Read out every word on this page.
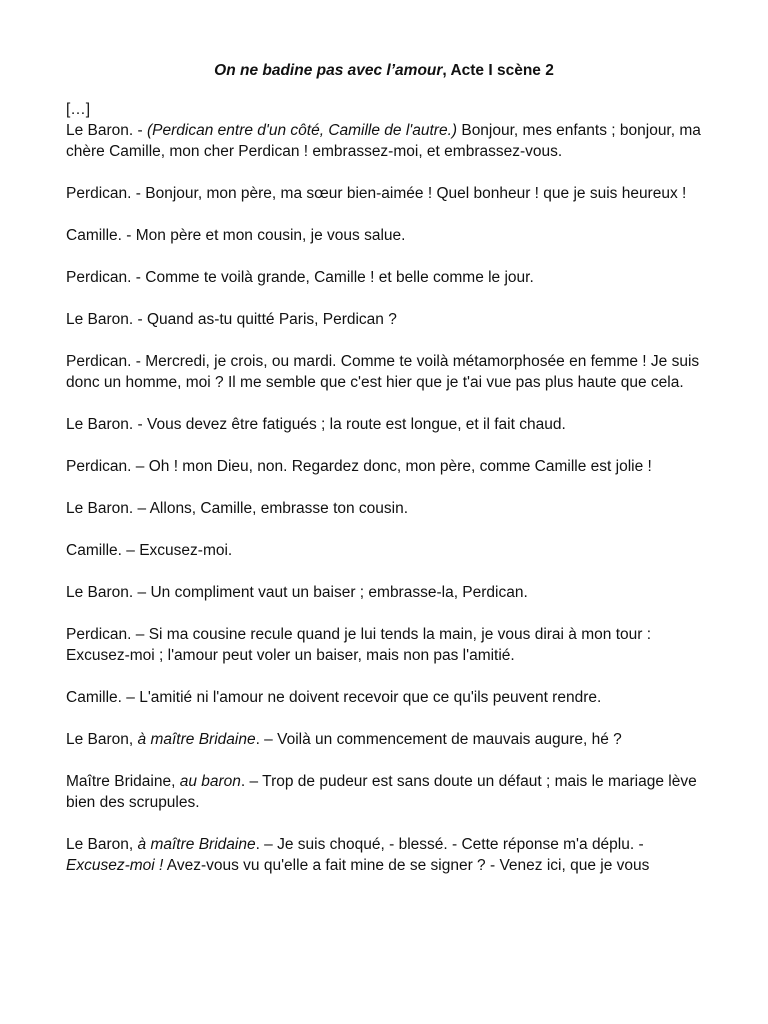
On ne badine pas avec l’amour, Acte I scène 2

[…]

Le Baron. - (Perdican entre d'un côté, Camille de l'autre.) Bonjour, mes enfants ; bonjour, ma chère Camille, mon cher Perdican ! embrassez-moi, et embrassez-vous.

Perdican. - Bonjour, mon père, ma sœur bien-aimée ! Quel bonheur ! que je suis heureux !

Camille. - Mon père et mon cousin, je vous salue.

Perdican. - Comme te voilà grande, Camille ! et belle comme le jour.

Le Baron. - Quand as-tu quitté Paris, Perdican ?

Perdican. - Mercredi, je crois, ou mardi. Comme te voilà métamorphosée en femme ! Je suis donc un homme, moi ? Il me semble que c'est hier que je t'ai vue pas plus haute que cela.

Le Baron. - Vous devez être fatigués ; la route est longue, et il fait chaud.

Perdican. – Oh ! mon Dieu, non. Regardez donc, mon père, comme Camille est jolie !

Le Baron. – Allons, Camille, embrasse ton cousin.

Camille. – Excusez-moi.

Le Baron. – Un compliment vaut un baiser ; embrasse-la, Perdican.

Perdican. – Si ma cousine recule quand je lui tends la main, je vous dirai à mon tour : Excusez-moi ; l'amour peut voler un baiser, mais non pas l'amitié.

Camille. – L'amitié ni l'amour ne doivent recevoir que ce qu'ils peuvent rendre.

Le Baron, à maître Bridaine. – Voilà un commencement de mauvais augure, hé ?

Maître Bridaine, au baron. – Trop de pudeur est sans doute un défaut ; mais le mariage lève bien des scrupules.

Le Baron, à maître Bridaine. – Je suis choqué, - blessé. - Cette réponse m'a déplu. - Excusez-moi ! Avez-vous vu qu'elle a fait mine de se signer ? - Venez ici, que je vous
